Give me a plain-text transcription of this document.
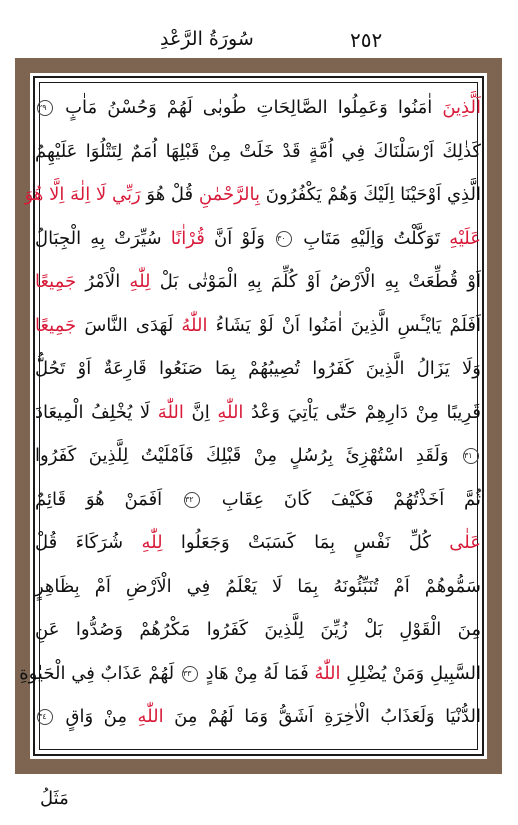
٢٥٢
سُورَةُ الرَّعْدِ
اَلَّذِينَ اٰمَنُوا وَعَمِلُوا الصَّالِحَاتِ طُوبٰى لَهُمْ وَحُسْنُ مَاٰبٍ ٢٩
كَذٰلِكَ اَرْسَلْنَاكَ فِي اُمَّةٍ قَدْ خَلَتْ مِنْ قَبْلِهَا اُمَمٌ لِتَتْلُوَا عَلَيْهِمُ
الَّذِي اَوْحَيْنَا اِلَيْكَ وَهُمْ يَكْفُرُونَ بِالرَّحْمٰنِ قُلْ هُوَ رَبِّي لَا اِلٰهَ اِلَّا هُوَ
عَلَيْهِ تَوَكَّلْتُ وَاِلَيْهِ مَتَابِ ٣٠ وَلَوْ اَنَّ قُرْاٰنًا سُيِّرَتْ بِهِ الْجِبَالُ
اَوْ قُطِّعَتْ بِهِ الْاَرْضُ اَوْ كُلِّمَ بِهِ الْمَوْتٰى بَلْ لِلّٰهِ الْاَمْرُ جَمِيعًا
اَفَلَمْ يَايْـَٔسِ الَّذِينَ اٰمَنُوا اَنْ لَوْ يَشَاءُ اللّٰهُ لَهَدَى النَّاسَ جَمِيعًا
وَلَا يَزَالُ الَّذِينَ كَفَرُوا تُصِيبُهُمْ بِمَا صَنَعُوا قَارِعَةٌ اَوْ تَحُلُّ
قَرِيبًا مِنْ دَارِهِمْ حَتّٰى يَاْتِيَ وَعْدُ اللّٰهِ اِنَّ اللّٰهَ لَا يُخْلِفُ الْمِيعَادَ
٣١ وَلَقَدِ اسْتُهْزِئَ بِرُسُلٍ مِنْ قَبْلِكَ فَاَمْلَيْتُ لِلَّذِينَ كَفَرُوا
ثُمَّ اَخَذْتُهُمْ فَكَيْفَ كَانَ عِقَابِ ٣٢ اَفَمَنْ هُوَ قَائِمٌ
عَلٰى كُلِّ نَفْسٍ بِمَا كَسَبَتْ وَجَعَلُوا لِلّٰهِ شُرَكَاءَ قُلْ
سَمُّوهُمْ اَمْ تُنَبِّئُونَهُ بِمَا لَا يَعْلَمُ فِي الْاَرْضِ اَمْ بِظَاهِرٍ
مِنَ الْقَوْلِ بَلْ زُيِّنَ لِلَّذِينَ كَفَرُوا مَكْرُهُمْ وَصُدُّوا عَنِ
السَّبِيلِ وَمَنْ يُضْلِلِ اللّٰهُ فَمَا لَهُ مِنْ هَادٍ ٣٣ لَهُمْ عَذَابٌ فِي الْحَيٰوةِ
الدُّنْيَا وَلَعَذَابُ الْاٰخِرَةِ اَشَقُّ وَمَا لَهُمْ مِنَ اللّٰهِ مِنْ وَاقٍ ٣٤
مَثَلُ
